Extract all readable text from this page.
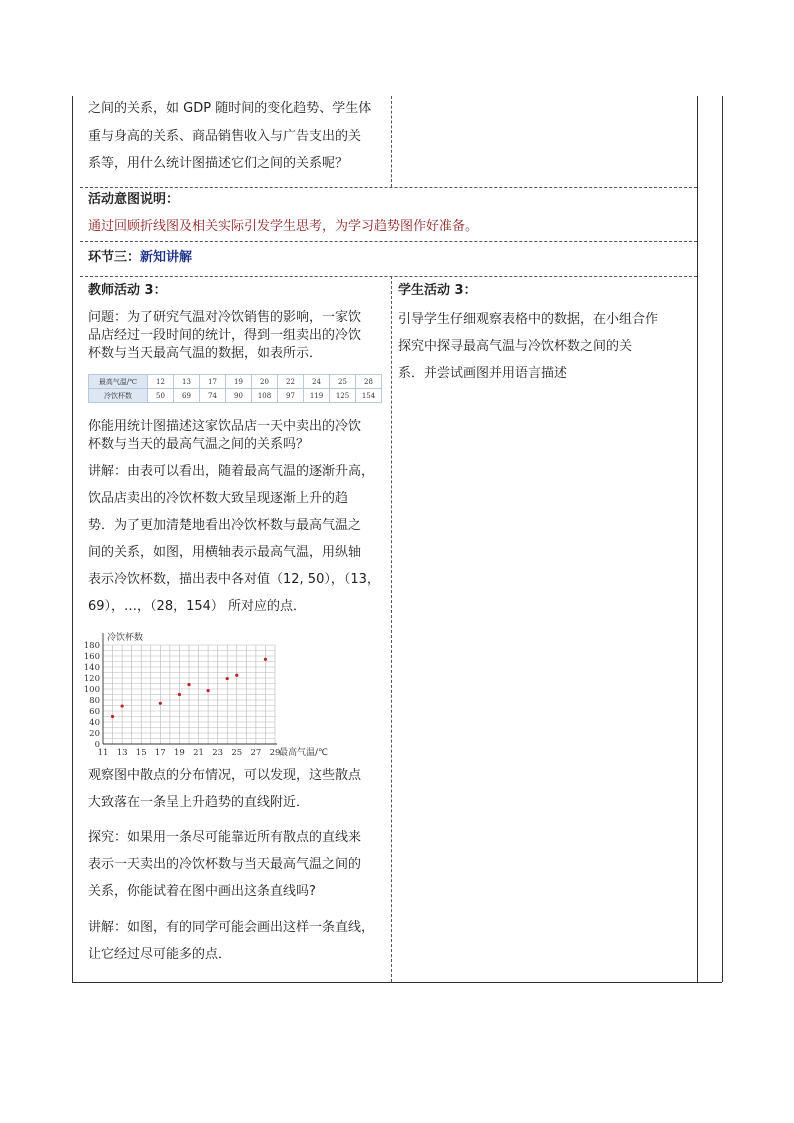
之间的关系，如 GDP 随时间的变化趋势、学生体
重与身高的关系、商品销售收入与广告支出的关
系等，用什么统计图描述它们之间的关系呢？
活动意图说明：
通过回顾折线图及相关实际引发学生思考，为学习趋势图作好准备。
环节三：新知讲解
教师活动 3：	学生活动 3：
问题：为了研究气温对冷饮销售的影响，一家饮
品店经过一段时间的统计，得到一组卖出的冷饮
杯数与当天最高气温的数据，如表所示．
最高气温/℃	12	13	17	19	20	22	24	25	28
冷饮杯数	50	69	74	90	108	97	119	125	154
你能用统计图描述这家饮品店一天中卖出的冷饮
杯数与当天的最高气温之间的关系吗？
讲解：由表可以看出，随着最高气温的逐渐升高，
饮品店卖出的冷饮杯数大致呈现逐渐上升的趋
势．为了更加清楚地看出冷饮杯数与最高气温之
间的关系，如图，用横轴表示最高气温，用纵轴
表示冷饮杯数，描出表中各对值（12, 50），（13，
69），…，（28，154） 所对应的点．
180
160
140
120
100
80
60
40
20
0
11 13 15 17 19 21 23 25 27 29
冷饮杯数
最高气温/℃
观察图中散点的分布情况，可以发现，这些散点
大致落在一条呈上升趋势的直线附近．
探究：如果用一条尽可能靠近所有散点的直线来
表示一天卖出的冷饮杯数与当天最高气温之间的
关系，你能试着在图中画出这条直线吗?
讲解：如图，有的同学可能会画出这样一条直线，
让它经过尽可能多的点．
引导学生仔细观察表格中的数据，在小组合作
探究中探寻最高气温与冷饮杯数之间的关
系．并尝试画图并用语言描述
